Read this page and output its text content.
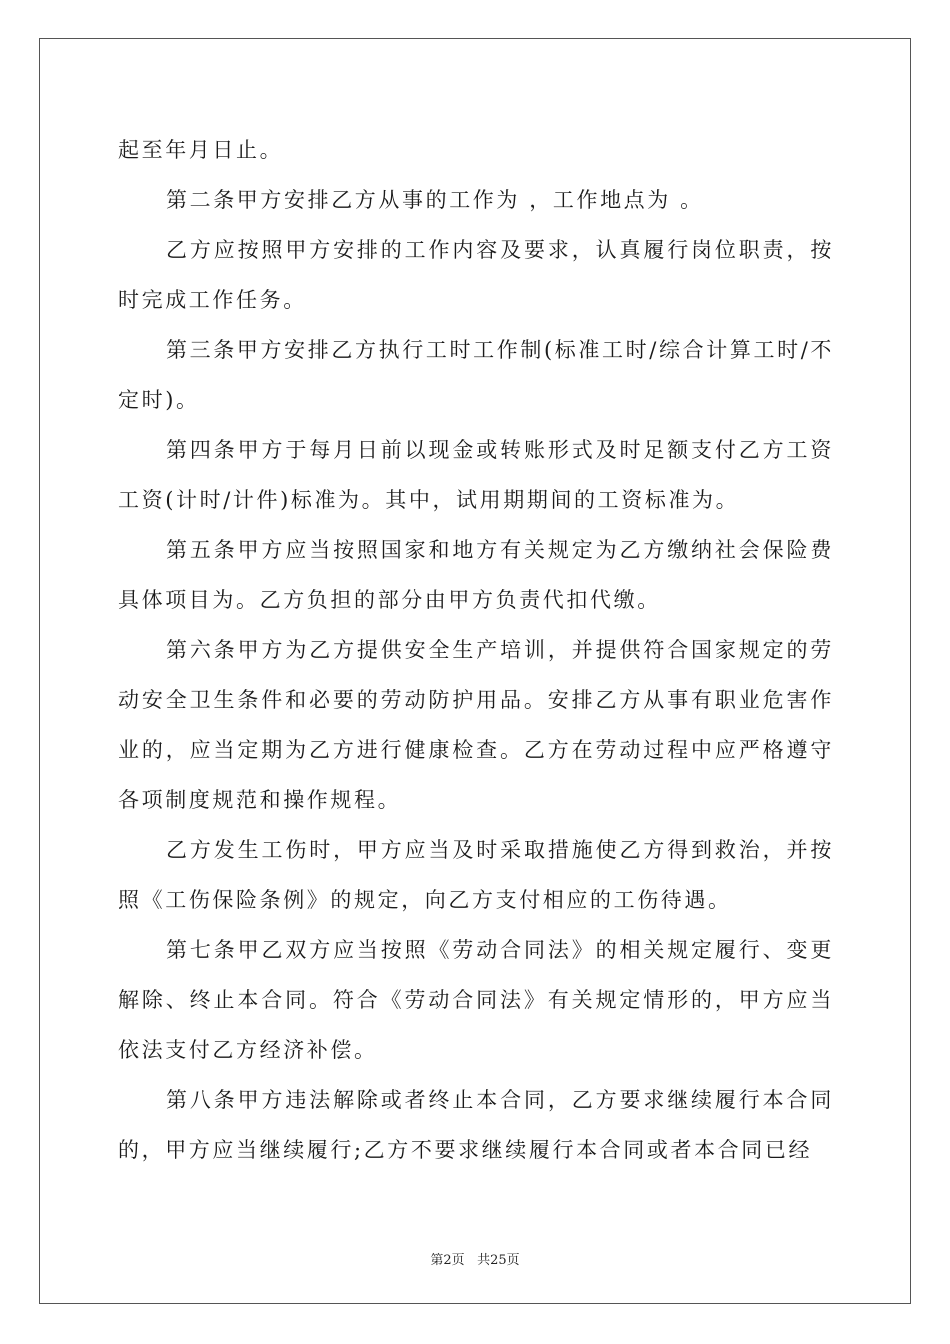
起至年月日止。

第二条甲方安排乙方从事的工作为 ，工作地点为 。

乙方应按照甲方安排的工作内容及要求，认真履行岗位职责，按时完成工作任务。

第三条甲方安排乙方执行工时工作制(标准工时/综合计算工时/不定时)。

第四条甲方于每月日前以现金或转账形式及时足额支付乙方工资工资(计时/计件)标准为。其中，试用期期间的工资标准为。

第五条甲方应当按照国家和地方有关规定为乙方缴纳社会保险费具体项目为。乙方负担的部分由甲方负责代扣代缴。

第六条甲方为乙方提供安全生产培训，并提供符合国家规定的劳动安全卫生条件和必要的劳动防护用品。安排乙方从事有职业危害作业的，应当定期为乙方进行健康检查。乙方在劳动过程中应严格遵守各项制度规范和操作规程。

乙方发生工伤时，甲方应当及时采取措施使乙方得到救治，并按照《工伤保险条例》的规定，向乙方支付相应的工伤待遇。

第七条甲乙双方应当按照《劳动合同法》的相关规定履行、变更解除、终止本合同。符合《劳动合同法》有关规定情形的，甲方应当依法支付乙方经济补偿。

第八条甲方违法解除或者终止本合同，乙方要求继续履行本合同的，甲方应当继续履行;乙方不要求继续履行本合同或者本合同已经

第2页 共25页
